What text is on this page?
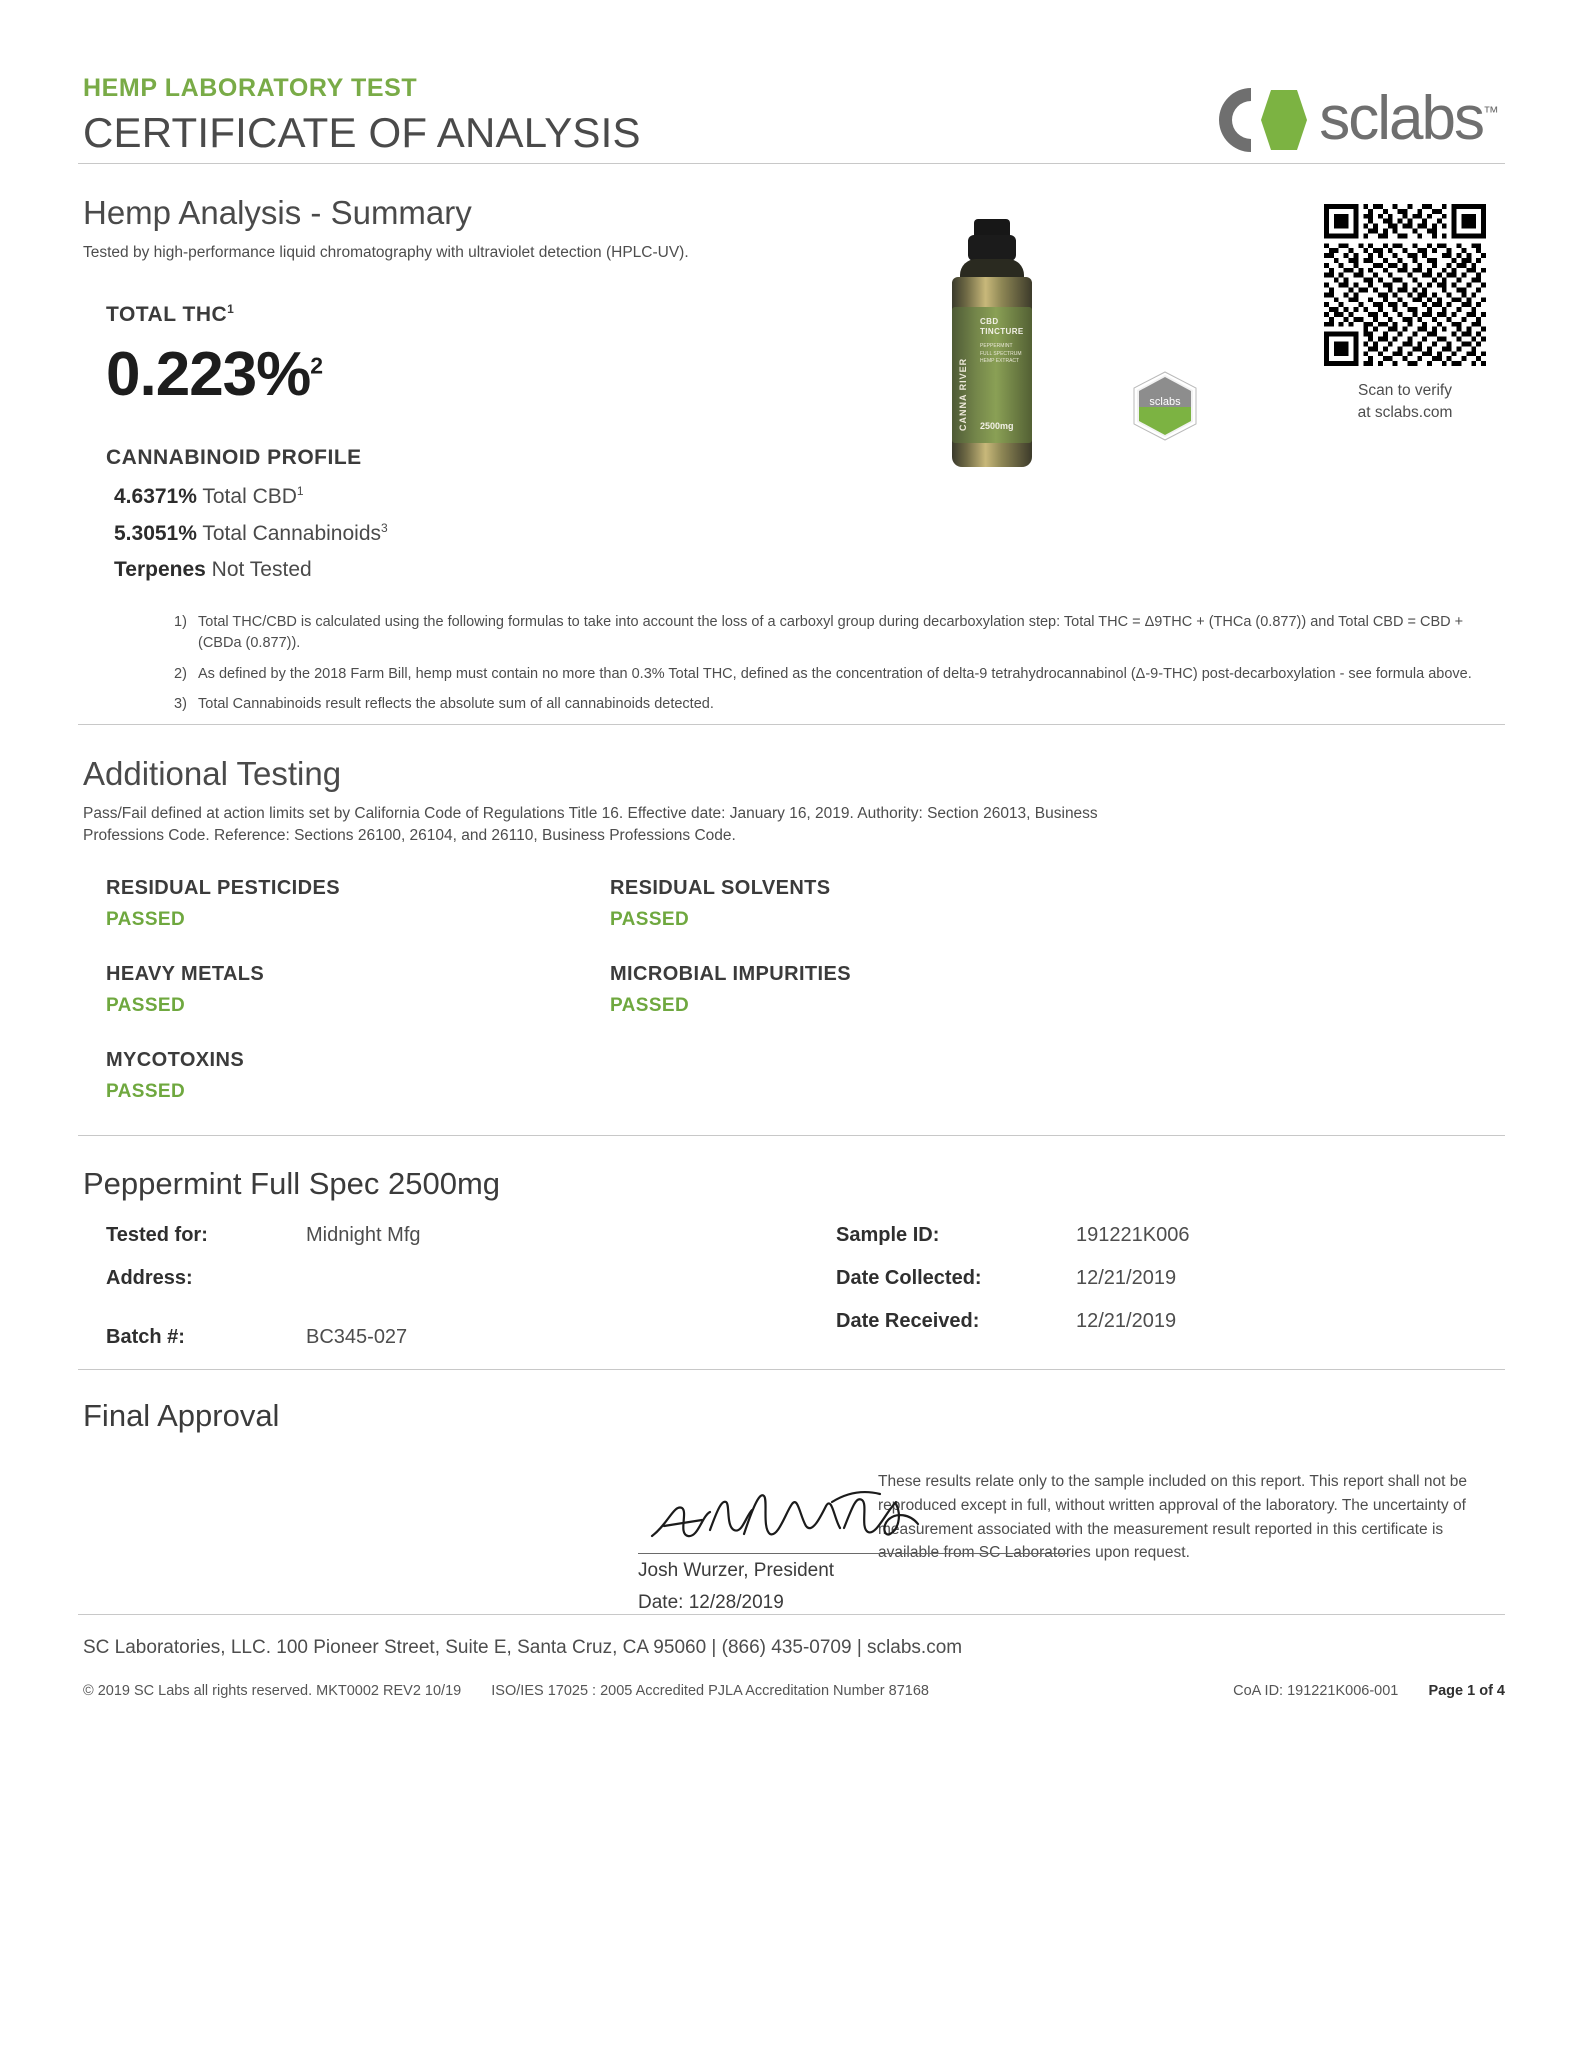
HEMP LABORATORY TEST
CERTIFICATE OF ANALYSIS	sclabs™
Hemp Analysis - Summary
Tested by high-performance liquid chromatography with ultraviolet detection (HPLC-UV).
TOTAL THC$^1$
0.223%$^2$
CANNABINOID PROFILE
4.6371% Total CBD$^1$
5.3051% Total Cannabinoids$^3$
Terpenes Not Tested
CANNA RIVER
CBD
TINCTURE
PEPPERMINT FULL SPECTRUM HEMP EXTRACT
2500mg
sclabs
Scan to verify
at sclabs.com
1) Total THC/CBD is calculated using the following formulas to take into account the loss of a carboxyl group during decarboxylation step: Total THC = Δ9THC + (THCa (0.877)) and Total CBD = CBD + (CBDa (0.877)).
2) As defined by the 2018 Farm Bill, hemp must contain no more than 0.3% Total THC, defined as the concentration of delta-9 tetrahydrocannabinol (Δ-9-THC) post-decarboxylation - see formula above.
3) Total Cannabinoids result reflects the absolute sum of all cannabinoids detected.
Additional Testing
Pass/Fail defined at action limits set by California Code of Regulations Title 16. Effective date: January 16, 2019. Authority: Section 26013, Business Professions Code. Reference: Sections 26100, 26104, and 26110, Business Professions Code.
RESIDUAL PESTICIDES
PASSED
HEAVY METALS
PASSED
RESIDUAL SOLVENTS
PASSED
MICROBIAL IMPURITIES
PASSED
MYCOTOXINS
PASSED
Peppermint Full Spec 2500mg
Tested for:	Midnight Mfg
Address:
Batch #:	BC345-027
Sample ID:	191221K006
Date Collected:	12/21/2019
Date Received:	12/21/2019
Final Approval
Josh Wurzer, President
Date: 12/28/2019
These results relate only to the sample included on this report. This report shall not be reproduced except in full, without written approval of the laboratory. The uncertainty of measurement associated with the measurement result reported in this certificate is available from SC Laboratories upon request.
SC Laboratories, LLC. 100 Pioneer Street, Suite E, Santa Cruz, CA 95060 | (866) 435-0709 | sclabs.com
© 2019 SC Labs all rights reserved. MKT0002 REV2 10/19 ISO/IES 17025 : 2005 Accredited PJLA Accreditation Number 87168	CoA ID: 191221K006-001 Page 1 of 4
